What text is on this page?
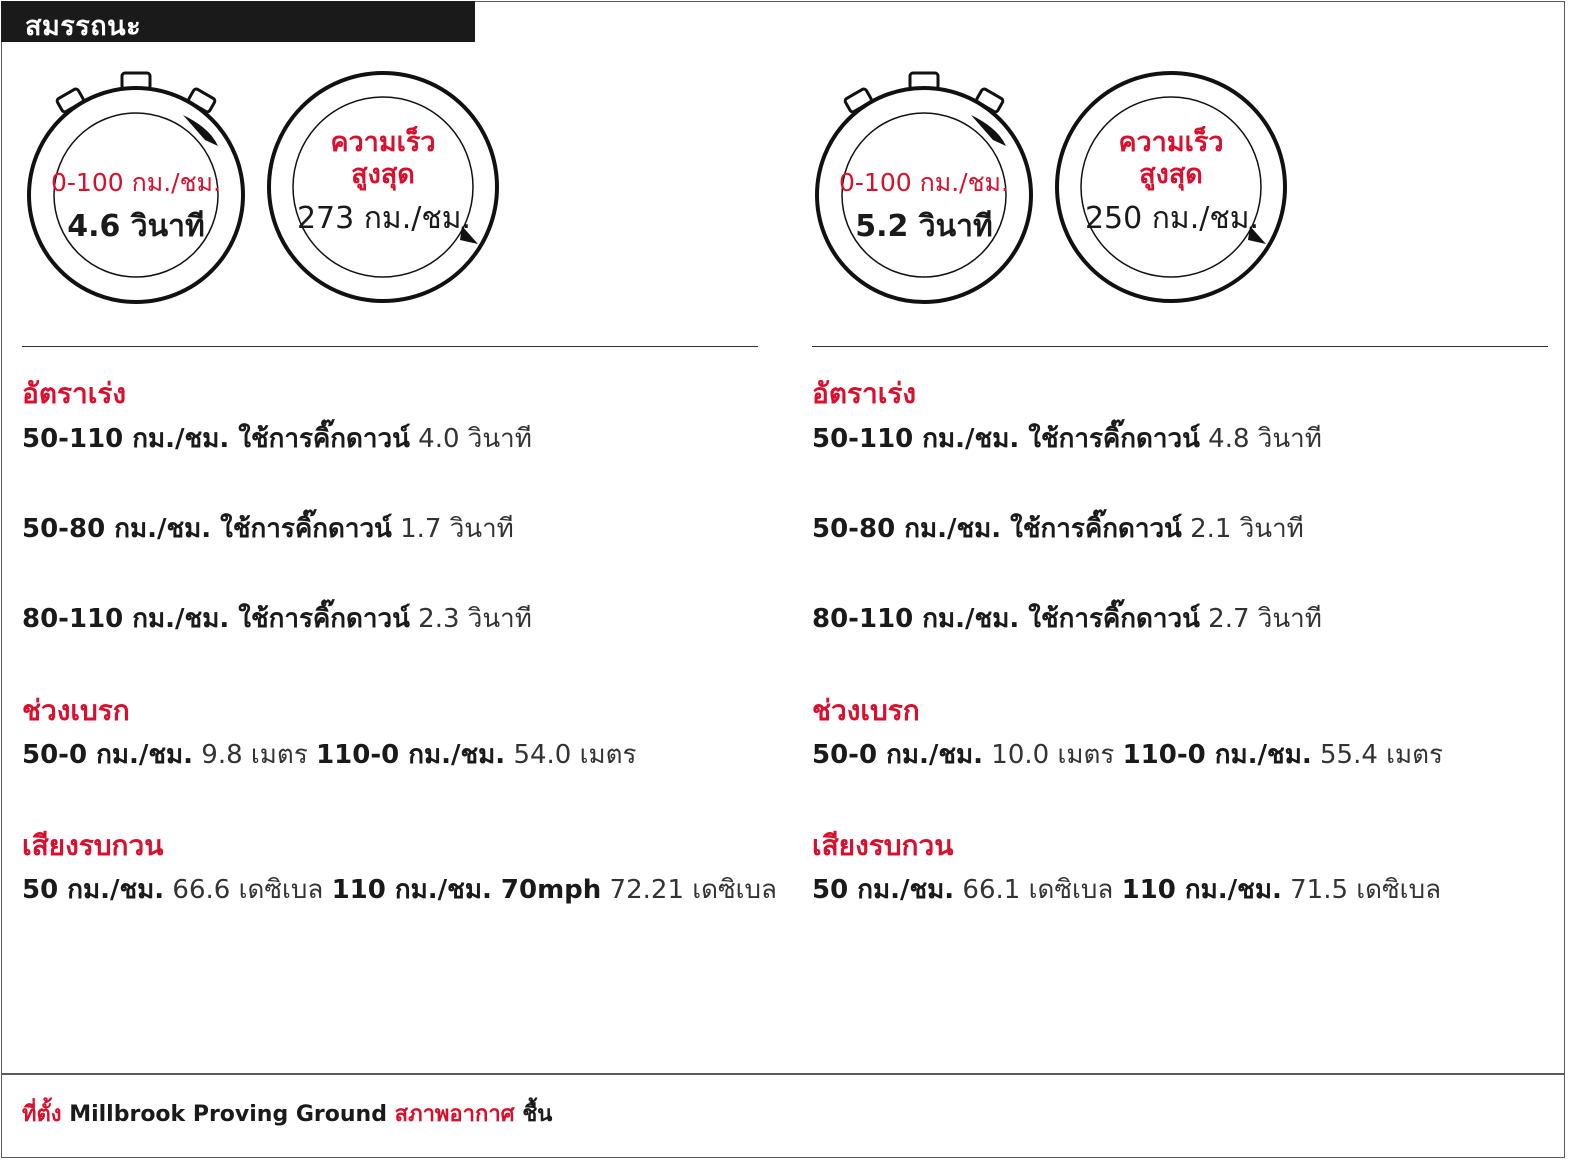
สมรรถนะ
0-100 กม./ชม.
4.6 วินาที
ความเร็ว
สูงสุด
273 กม./ชม.
อัตราเร่ง
50-110 กม./ชม. ใช้การคิ๊กดาวน์ 4.0 วินาที
50-80 กม./ชม. ใช้การคิ๊กดาวน์ 1.7 วินาที
80-110 กม./ชม. ใช้การคิ๊กดาวน์ 2.3 วินาที
ช่วงเบรก
50-0 กม./ชม. 9.8 เมตร 110-0 กม./ชม. 54.0 เมตร
เสียงรบกวน
50 กม./ชม. 66.6 เดซิเบล 110 กม./ชม. 70mph 72.21 เดซิเบล
0-100 กม./ชม.
5.2 วินาที
ความเร็ว
สูงสุด
250 กม./ชม.
อัตราเร่ง
50-110 กม./ชม. ใช้การคิ๊กดาวน์ 4.8 วินาที
50-80 กม./ชม. ใช้การคิ๊กดาวน์ 2.1 วินาที
80-110 กม./ชม. ใช้การคิ๊กดาวน์ 2.7 วินาที
ช่วงเบรก
50-0 กม./ชม. 10.0 เมตร 110-0 กม./ชม. 55.4 เมตร
เสียงรบกวน
50 กม./ชม. 66.1 เดซิเบล 110 กม./ชม. 71.5 เดซิเบล
ที่ตั้ง Millbrook Proving Ground สภาพอากาศ ชื้น
